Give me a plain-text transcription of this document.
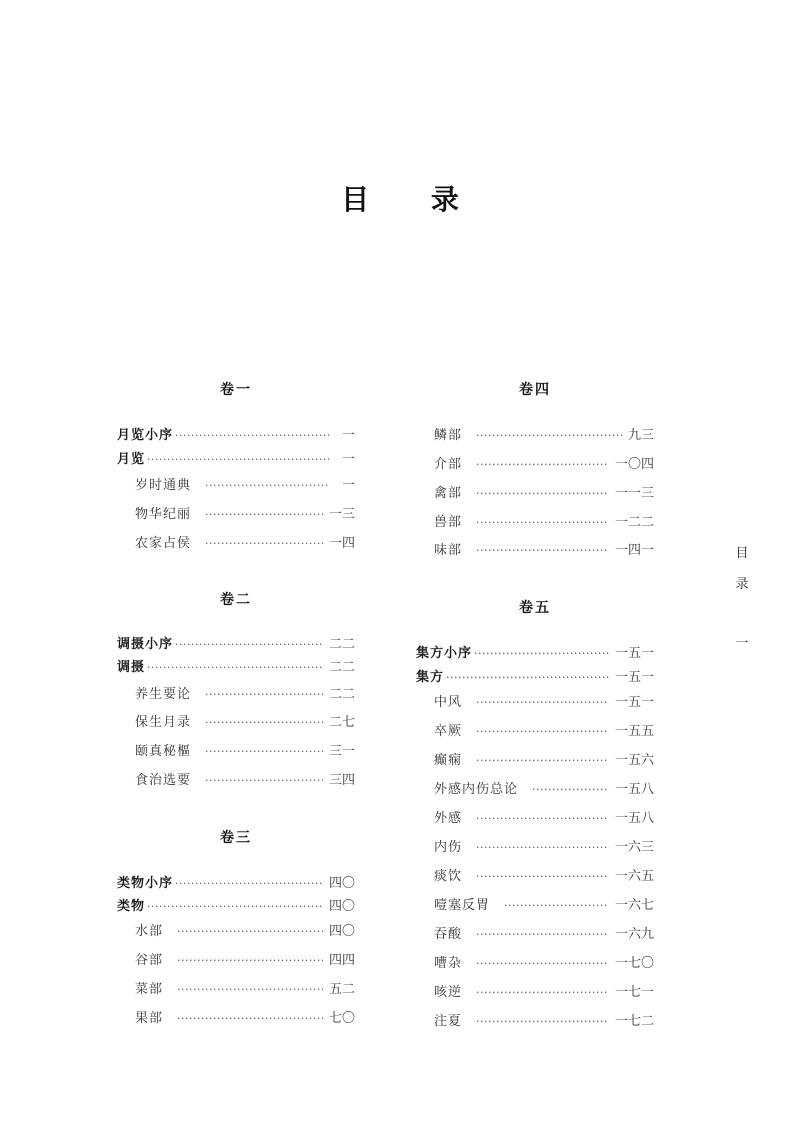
目 录
卷一
月览小序 ·····	一
月览 ·····	一
岁时通典 ·····	一
物华纪丽 ·····	一三
农家占侯 ·····	一四
卷二
调摄小序 ·····	二二
调摄 ·····	二二
养生要论 ·····	二二
保生月录 ·····	二七
颐真秘樞 ·····	三一
食治选要 ·····	三四
卷三
类物小序 ·····	四〇
类物 ·····	四〇
水部 ·····	四〇
谷部 ·····	四四
菜部 ·····	五二
果部 ·····	七〇
卷四
鳞部 ·····	九三
介部 ·····	一〇四
禽部 ·····	一一三
兽部 ·····	一二二
味部 ·····	一四一
卷五
集方小序 ·····	一五一
集方 ·····	一五一
中风 ·····	一五一
卒厥 ·····	一五五
癫痫 ·····	一五六
外感内伤总论 ·····	一五八
外感 ·····	一五八
内伤 ·····	一六三
痰饮 ·····	一六五
噎塞反胃 ·····	一六七
吞酸 ·····	一六九
嘈杂 ·····	一七〇
咳逆 ·····	一七一
注夏 ·····	一七二
目
录
一
